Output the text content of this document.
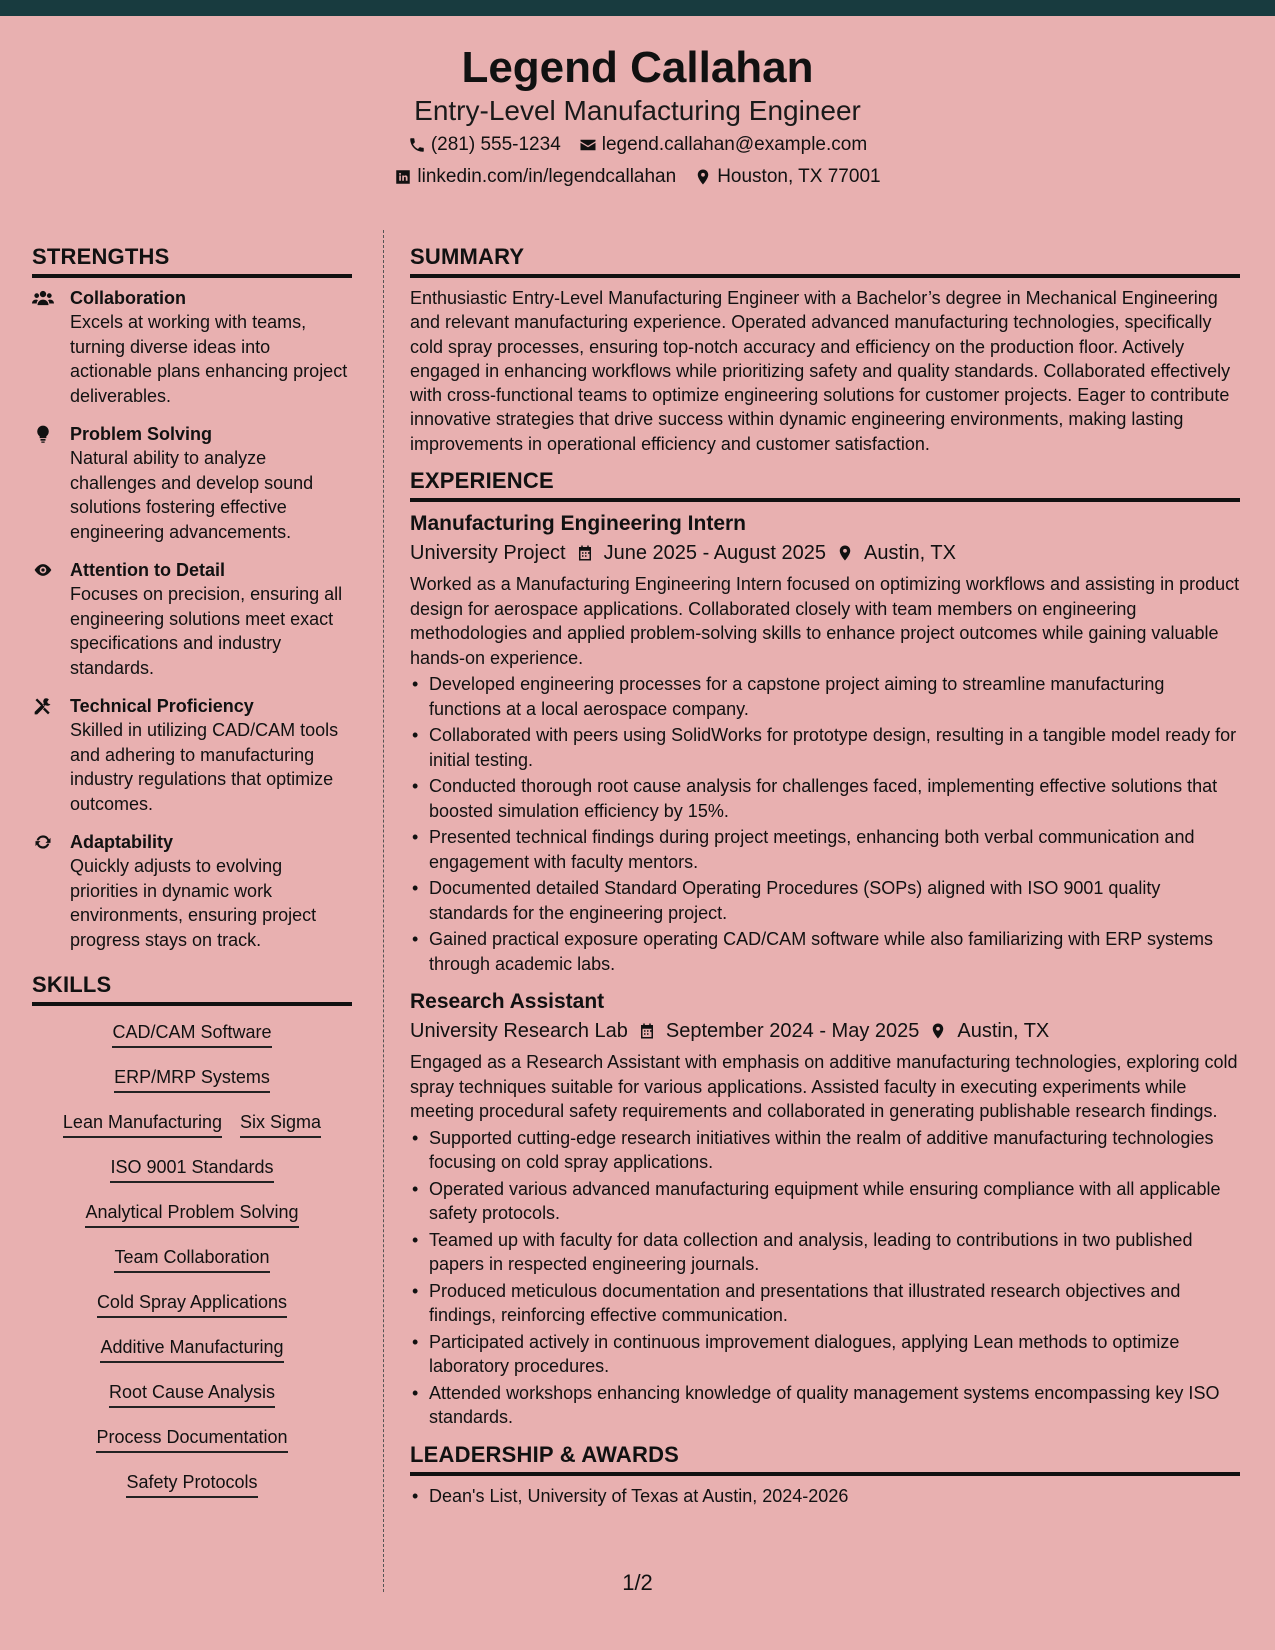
Legend Callahan
Entry-Level Manufacturing Engineer
(281) 555-1234 legend.callahan@example.com
linkedin.com/in/legendcallahan Houston, TX 77001
STRENGTHS
Collaboration
Excels at working with teams, turning diverse ideas into actionable plans enhancing project deliverables.
Problem Solving
Natural ability to analyze challenges and develop sound solutions fostering effective engineering advancements.
Attention to Detail
Focuses on precision, ensuring all engineering solutions meet exact specifications and industry standards.
Technical Proficiency
Skilled in utilizing CAD/CAM tools and adhering to manufacturing industry regulations that optimize outcomes.
Adaptability
Quickly adjusts to evolving priorities in dynamic work environments, ensuring project progress stays on track.
SKILLS
CAD/CAM Software
ERP/MRP Systems
Lean Manufacturing Six Sigma
ISO 9001 Standards
Analytical Problem Solving
Team Collaboration
Cold Spray Applications
Additive Manufacturing
Root Cause Analysis
Process Documentation
Safety Protocols
SUMMARY
Enthusiastic Entry-Level Manufacturing Engineer with a Bachelor’s degree in Mechanical Engineering and relevant manufacturing experience. Operated advanced manufacturing technologies, specifically cold spray processes, ensuring top-notch accuracy and efficiency on the production floor. Actively engaged in enhancing workflows while prioritizing safety and quality standards. Collaborated effectively with cross-functional teams to optimize engineering solutions for customer projects. Eager to contribute innovative strategies that drive success within dynamic engineering environments, making lasting improvements in operational efficiency and customer satisfaction.
EXPERIENCE
Manufacturing Engineering Intern
University Project June 2025 - August 2025 Austin, TX
Worked as a Manufacturing Engineering Intern focused on optimizing workflows and assisting in product design for aerospace applications. Collaborated closely with team members on engineering methodologies and applied problem-solving skills to enhance project outcomes while gaining valuable hands-on experience.
• Developed engineering processes for a capstone project aiming to streamline manufacturing functions at a local aerospace company.
• Collaborated with peers using SolidWorks for prototype design, resulting in a tangible model ready for initial testing.
• Conducted thorough root cause analysis for challenges faced, implementing effective solutions that boosted simulation efficiency by 15%.
• Presented technical findings during project meetings, enhancing both verbal communication and engagement with faculty mentors.
• Documented detailed Standard Operating Procedures (SOPs) aligned with ISO 9001 quality standards for the engineering project.
• Gained practical exposure operating CAD/CAM software while also familiarizing with ERP systems through academic labs.
Research Assistant
University Research Lab September 2024 - May 2025 Austin, TX
Engaged as a Research Assistant with emphasis on additive manufacturing technologies, exploring cold spray techniques suitable for various applications. Assisted faculty in executing experiments while meeting procedural safety requirements and collaborated in generating publishable research findings.
• Supported cutting-edge research initiatives within the realm of additive manufacturing technologies focusing on cold spray applications.
• Operated various advanced manufacturing equipment while ensuring compliance with all applicable safety protocols.
• Teamed up with faculty for data collection and analysis, leading to contributions in two published papers in respected engineering journals.
• Produced meticulous documentation and presentations that illustrated research objectives and findings, reinforcing effective communication.
• Participated actively in continuous improvement dialogues, applying Lean methods to optimize laboratory procedures.
• Attended workshops enhancing knowledge of quality management systems encompassing key ISO standards.
LEADERSHIP & AWARDS
• Dean's List, University of Texas at Austin, 2024-2026
1/2
